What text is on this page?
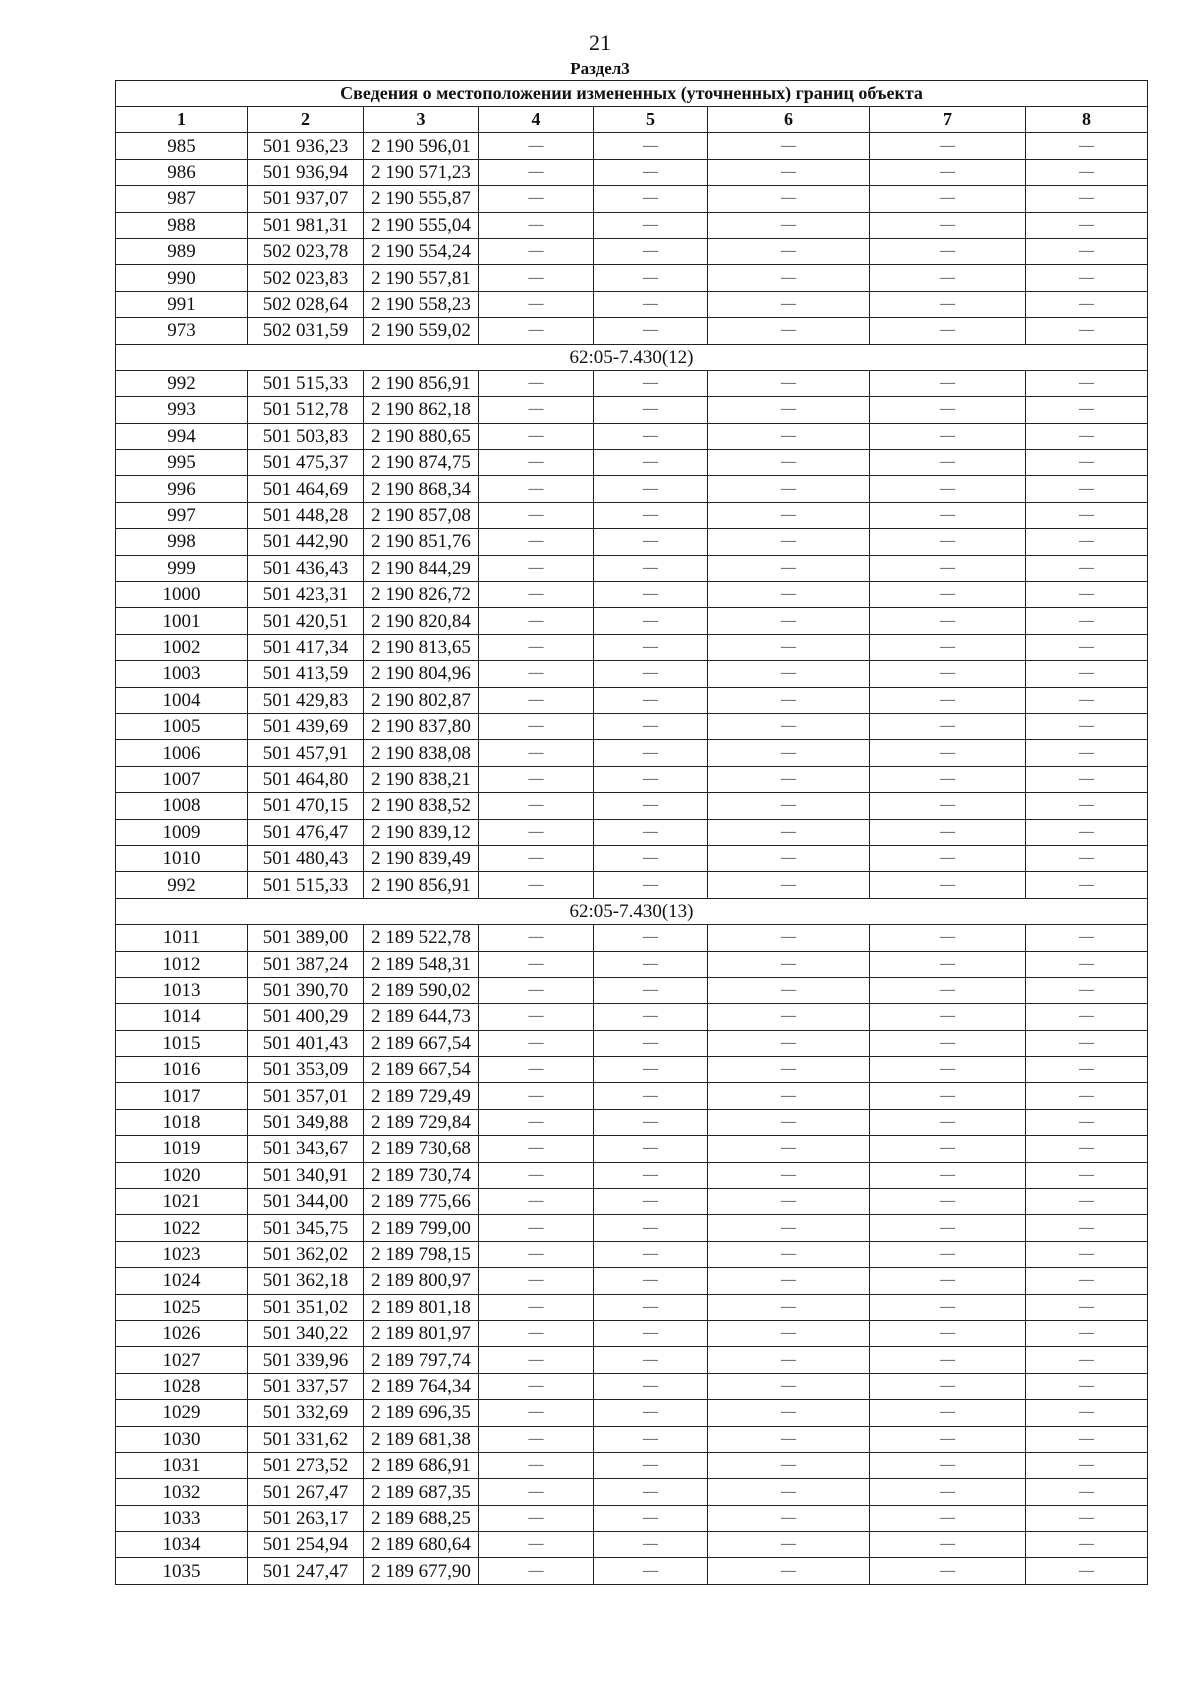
21
Раздел3
Сведения о местоположении измененных (уточненных) границ объекта							
1	2	3	4	5	6	7	8
985	501 936,23	2 190 596,01	—	—	—	—	—
986	501 936,94	2 190 571,23	—	—	—	—	—
987	501 937,07	2 190 555,87	—	—	—	—	—
988	501 981,31	2 190 555,04	—	—	—	—	—
989	502 023,78	2 190 554,24	—	—	—	—	—
990	502 023,83	2 190 557,81	—	—	—	—	—
991	502 028,64	2 190 558,23	—	—	—	—	—
973	502 031,59	2 190 559,02	—	—	—	—	—
62:05-7.430(12)							
992	501 515,33	2 190 856,91	—	—	—	—	—
993	501 512,78	2 190 862,18	—	—	—	—	—
994	501 503,83	2 190 880,65	—	—	—	—	—
995	501 475,37	2 190 874,75	—	—	—	—	—
996	501 464,69	2 190 868,34	—	—	—	—	—
997	501 448,28	2 190 857,08	—	—	—	—	—
998	501 442,90	2 190 851,76	—	—	—	—	—
999	501 436,43	2 190 844,29	—	—	—	—	—
1000	501 423,31	2 190 826,72	—	—	—	—	—
1001	501 420,51	2 190 820,84	—	—	—	—	—
1002	501 417,34	2 190 813,65	—	—	—	—	—
1003	501 413,59	2 190 804,96	—	—	—	—	—
1004	501 429,83	2 190 802,87	—	—	—	—	—
1005	501 439,69	2 190 837,80	—	—	—	—	—
1006	501 457,91	2 190 838,08	—	—	—	—	—
1007	501 464,80	2 190 838,21	—	—	—	—	—
1008	501 470,15	2 190 838,52	—	—	—	—	—
1009	501 476,47	2 190 839,12	—	—	—	—	—
1010	501 480,43	2 190 839,49	—	—	—	—	—
992	501 515,33	2 190 856,91	—	—	—	—	—
62:05-7.430(13)							
1011	501 389,00	2 189 522,78	—	—	—	—	—
1012	501 387,24	2 189 548,31	—	—	—	—	—
1013	501 390,70	2 189 590,02	—	—	—	—	—
1014	501 400,29	2 189 644,73	—	—	—	—	—
1015	501 401,43	2 189 667,54	—	—	—	—	—
1016	501 353,09	2 189 667,54	—	—	—	—	—
1017	501 357,01	2 189 729,49	—	—	—	—	—
1018	501 349,88	2 189 729,84	—	—	—	—	—
1019	501 343,67	2 189 730,68	—	—	—	—	—
1020	501 340,91	2 189 730,74	—	—	—	—	—
1021	501 344,00	2 189 775,66	—	—	—	—	—
1022	501 345,75	2 189 799,00	—	—	—	—	—
1023	501 362,02	2 189 798,15	—	—	—	—	—
1024	501 362,18	2 189 800,97	—	—	—	—	—
1025	501 351,02	2 189 801,18	—	—	—	—	—
1026	501 340,22	2 189 801,97	—	—	—	—	—
1027	501 339,96	2 189 797,74	—	—	—	—	—
1028	501 337,57	2 189 764,34	—	—	—	—	—
1029	501 332,69	2 189 696,35	—	—	—	—	—
1030	501 331,62	2 189 681,38	—	—	—	—	—
1031	501 273,52	2 189 686,91	—	—	—	—	—
1032	501 267,47	2 189 687,35	—	—	—	—	—
1033	501 263,17	2 189 688,25	—	—	—	—	—
1034	501 254,94	2 189 680,64	—	—	—	—	—
1035	501 247,47	2 189 677,90	—	—	—	—	—
